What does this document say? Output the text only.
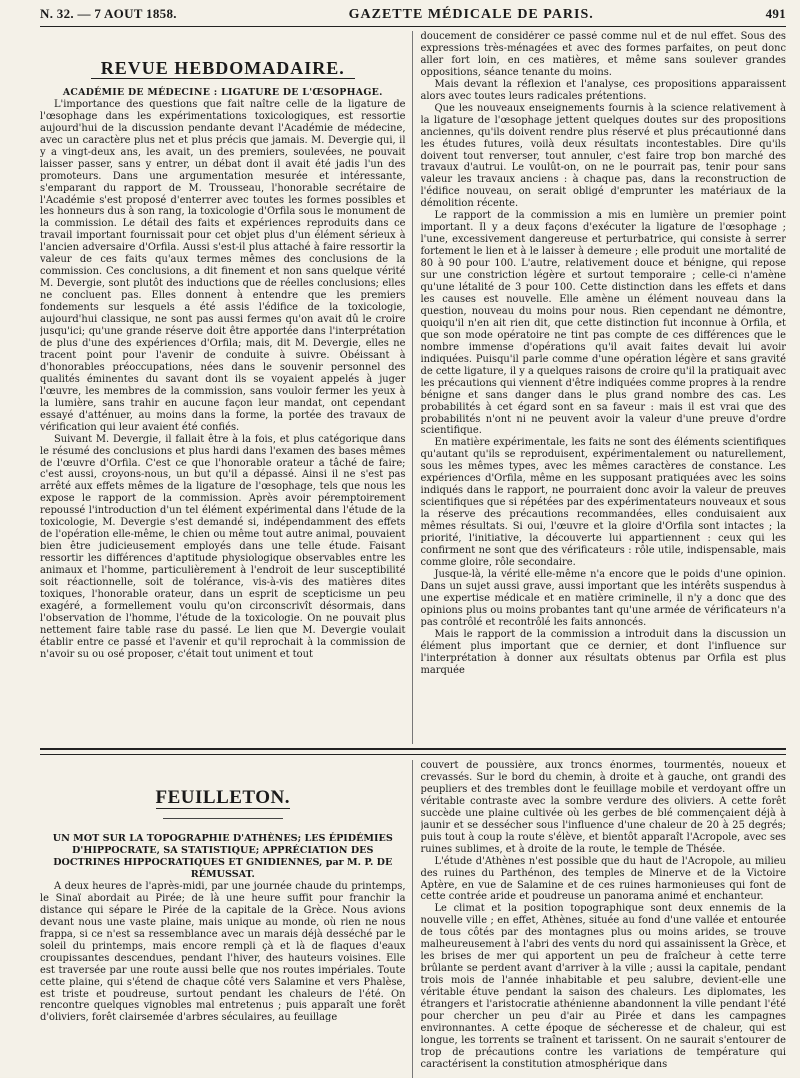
N. 32. — 7 AOUT 1858.	GAZETTE MÉDICALE DE PARIS.	491
REVUE HEBDOMADAIRE.

ACADÉMIE DE MÉDECINE : LIGATURE DE L'ŒSOPHAGE.

L'importance des questions que fait naître celle de la ligature de l'œsophage dans les expérimentations toxicologiques, est ressortie aujourd'hui de la discussion pendante devant l'Académie de médecine, avec un caractère plus net et plus précis que jamais. M. Devergie qui, il y a vingt-deux ans, les avait, un des premiers, soulevées, ne pouvait laisser passer, sans y entrer, un débat dont il avait été jadis l'un des promoteurs. Dans une argumentation mesurée et intéressante, s'emparant du rapport de M. Trousseau, l'honorable secrétaire de l'Académie s'est proposé d'enterrer avec toutes les formes possibles et les honneurs dus à son rang, la toxicologie d'Orfila sous le monument de la commission. Le détail des faits et expériences reproduits dans ce travail important fournissait pour cet objet plus d'un élément sérieux à l'ancien adversaire d'Orfila. Aussi s'est-il plus attaché à faire ressortir la valeur de ces faits qu'aux termes mêmes des conclusions de la commission. Ces conclusions, a dit finement et non sans quelque vérité M. Devergie, sont plutôt des inductions que de réelles conclusions; elles ne concluent pas. Elles donnent à entendre que les premiers fondements sur lesquels a été assis l'édifice de la toxicologie, aujourd'hui classique, ne sont pas aussi fermes qu'on avait dû le croire jusqu'ici; qu'une grande réserve doit être apportée dans l'interprétation de plus d'une des expériences d'Orfila; mais, dit M. Devergie, elles ne tracent point pour l'avenir de conduite à suivre. Obéissant à d'honorables préoccupations, nées dans le souvenir personnel des qualités éminentes du savant dont ils se voyaient appelés à juger l'œuvre, les membres de la commission, sans vouloir fermer les yeux à la lumière, sans trahir en aucune façon leur mandat, ont cependant essayé d'atténuer, au moins dans la forme, la portée des travaux de vérification qui leur avaient été confiés.

Suivant M. Devergie, il fallait être à la fois, et plus catégorique dans le résumé des conclusions et plus hardi dans l'examen des bases mêmes de l'œuvre d'Orfila. C'est ce que l'honorable orateur a tâché de faire; c'est aussi, croyons-nous, un but qu'il a dépassé. Ainsi il ne s'est pas arrêté aux effets mêmes de la ligature de l'œsophage, tels que nous les expose le rapport de la commission. Après avoir péremptoirement repoussé l'introduction d'un tel élément expérimental dans l'étude de la toxicologie, M. Devergie s'est demandé si, indépendamment des effets de l'opération elle-même, le chien ou même tout autre animal, pouvaient bien être judicieusement employés dans une telle étude. Faisant ressortir les différences d'aptitude physiologique observables entre les animaux et l'homme, particulièrement à l'endroit de leur susceptibilité soit réactionnelle, soit de tolérance, vis-à-vis des matières dites toxiques, l'honorable orateur, dans un esprit de scepticisme un peu exagéré, a formellement voulu qu'on circonscrivît désormais, dans l'observation de l'homme, l'étude de la toxicologie. On ne pouvait plus nettement faire table rase du passé. Le lien que M. Devergie voulait établir entre ce passé et l'avenir et qu'il reprochait à la commission de n'avoir su ou osé proposer, c'était tout uniment et tout

doucement de considérer ce passé comme nul et de nul effet. Sous des expressions très-ménagées et avec des formes parfaites, on peut donc aller fort loin, en ces matières, et même sans soulever grandes oppositions, séance tenante du moins.

Mais devant la réflexion et l'analyse, ces propositions apparaissent alors avec toutes leurs radicales prétentions.

Que les nouveaux enseignements fournis à la science relativement à la ligature de l'œsophage jettent quelques doutes sur des propositions anciennes, qu'ils doivent rendre plus réservé et plus précautionné dans les études futures, voilà deux résultats incontestables. Dire qu'ils doivent tout renverser, tout annuler, c'est faire trop bon marché des travaux d'autrui. Le voulût-on, on ne le pourrait pas, tenir pour sans valeur les travaux anciens : à chaque pas, dans la reconstruction de l'édifice nouveau, on serait obligé d'emprunter les matériaux de la démolition récente.

Le rapport de la commission a mis en lumière un premier point important. Il y a deux façons d'exécuter la ligature de l'œsophage ; l'une, excessivement dangereuse et perturbatrice, qui consiste à serrer fortement le lien et à le laisser à demeure ; elle produit une mortalité de 80 à 90 pour 100. L'autre, relativement douce et bénigne, qui repose sur une constriction légère et surtout temporaire ; celle-ci n'amène qu'une létalité de 3 pour 100. Cette distinction dans les effets et dans les causes est nouvelle. Elle amène un élément nouveau dans la question, nouveau du moins pour nous. Rien cependant ne démontre, quoiqu'il n'en ait rien dit, que cette distinction fut inconnue à Orfila, et que son mode opératoire ne tint pas compte de ces différences que le nombre immense d'opérations qu'il avait faites devait lui avoir indiquées. Puisqu'il parle comme d'une opération légère et sans gravité de cette ligature, il y a quelques raisons de croire qu'il la pratiquait avec les précautions qui viennent d'être indiquées comme propres à la rendre bénigne et sans danger dans le plus grand nombre des cas. Les probabilités à cet égard sont en sa faveur : mais il est vrai que des probabilités n'ont ni ne peuvent avoir la valeur d'une preuve d'ordre scientifique.

En matière expérimentale, les faits ne sont des éléments scientifiques qu'autant qu'ils se reproduisent, expérimentalement ou naturellement, sous les mêmes types, avec les mêmes caractères de constance. Les expériences d'Orfila, même en les supposant pratiquées avec les soins indiqués dans le rapport, ne pourraient donc avoir la valeur de preuves scientifiques que si répétées par des expérimentateurs nouveaux et sous la réserve des précautions recommandées, elles conduisaient aux mêmes résultats. Si oui, l'œuvre et la gloire d'Orfila sont intactes ; la priorité, l'initiative, la découverte lui appartiennent : ceux qui les confirment ne sont que des vérificateurs : rôle utile, indispensable, mais comme gloire, rôle secondaire.

Jusque-là, la vérité elle-même n'a encore que le poids d'une opinion. Dans un sujet aussi grave, aussi important que les intérêts suspendus à une expertise médicale et en matière criminelle, il n'y a donc que des opinions plus ou moins probantes tant qu'une armée de vérificateurs n'a pas contrôlé et recontrôlé les faits annoncés.

Mais le rapport de la commission a introduit dans la discussion un élément plus important que ce dernier, et dont l'influence sur l'interprétation à donner aux résultats obtenus par Orfila est plus marquée

FEUILLETON.

UN MOT SUR LA TOPOGRAPHIE D'ATHÈNES; LES ÉPIDÉMIES D'HIPPOCRATE, SA STATISTIQUE; APPRÉCIATION DES DOCTRINES HIPPOCRATIQUES ET GNIDIENNES, par M. P. DE RÉMUSSAT.

A deux heures de l'après-midi, par une journée chaude du printemps, le Sinaï abordait au Pirée; de là une heure suffit pour franchir la distance qui sépare le Pirée de la capitale de la Grèce. Nous avions devant nous une vaste plaine, mais unique au monde, où rien ne nous frappa, si ce n'est sa ressemblance avec un marais déjà desséché par le soleil du printemps, mais encore rempli çà et là de flaques d'eaux croupissantes descendues, pendant l'hiver, des hauteurs voisines. Elle est traversée par une route aussi belle que nos routes impériales. Toute cette plaine, qui s'étend de chaque côté vers Salamine et vers Phalèse, est triste et poudreuse, surtout pendant les chaleurs de l'été. On rencontre quelques vignobles mal entretenus ; puis apparaît une forêt d'oliviers, forêt clairsemée d'arbres séculaires, au feuillage

couvert de poussière, aux troncs énormes, tourmentés, noueux et crevassés. Sur le bord du chemin, à droite et à gauche, ont grandi des peupliers et des trembles dont le feuillage mobile et verdoyant offre un véritable contraste avec la sombre verdure des oliviers. A cette forêt succède une plaine cultivée où les gerbes de blé commençaient déjà à jaunir et se dessécher sous l'influence d'une chaleur de 20 à 25 degrés; puis tout à coup la route s'élève, et bientôt apparaît l'Acropole, avec ses ruines sublimes, et à droite de la route, le temple de Thésée.

L'étude d'Athènes n'est possible que du haut de l'Acropole, au milieu des ruines du Parthénon, des temples de Minerve et de la Victoire Aptère, en vue de Salamine et de ces ruines harmonieuses qui font de cette contrée aride et poudreuse un panorama animé et enchanteur.

Le climat et la position topographique sont deux ennemis de la nouvelle ville ; en effet, Athènes, située au fond d'une vallée et entourée de tous côtés par des montagnes plus ou moins arides, se trouve malheureusement à l'abri des vents du nord qui assainissent la Grèce, et les brises de mer qui apportent un peu de fraîcheur à cette terre brûlante se perdent avant d'arriver à la ville ; aussi la capitale, pendant trois mois de l'année inhabitable et peu salubre, devient-elle une véritable étuve pendant la saison des chaleurs. Les diplomates, les étrangers et l'aristocratie athénienne abandonnent la ville pendant l'été pour chercher un peu d'air au Pirée et dans les campagnes environnantes. A cette époque de sécheresse et de chaleur, qui est longue, les torrents se traînent et tarissent. On ne saurait s'entourer de trop de précautions contre les variations de température qui caractérisent la constitution atmosphérique dans
